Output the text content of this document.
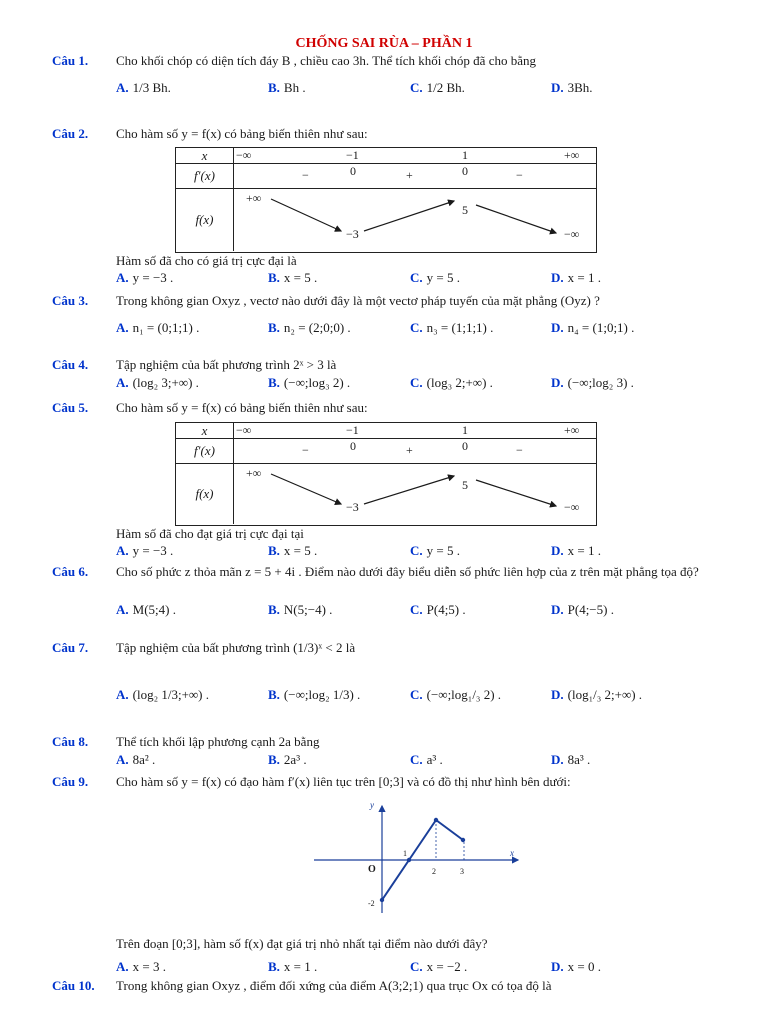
CHỐNG SAI RÙA – PHẦN 1
Câu 1. Cho khối chóp có diện tích đáy B , chiều cao 3h. Thể tích khối chóp đã cho bằng
A. 1/3 Bh.	B. Bh .	C. 1/2 Bh.	D. 3Bh.
Câu 2. Cho hàm số y = f(x) có bảng biến thiên như sau:
x	−∞	−1	1	+∞
f′(x)	−	0	+	0	−
f(x)
+∞
−3
5
−∞
Hàm số đã cho có giá trị cực đại là
A. y = −3 .	B. x = 5 .	C. y = 5 .	D. x = 1 .
Câu 3. Trong không gian Oxyz , vectơ nào dưới đây là một vectơ pháp tuyến của mặt phẳng (Oyz) ?
A. n₁ = (0;1;1) .	B. n₂ = (2;0;0) .	C. n₃ = (1;1;1) .	D. n₄ = (1;0;1) .
Câu 4. Tập nghiệm của bất phương trình 2ˣ > 3 là
A. (log₂ 3;+∞) .	B. (−∞;log₃ 2) .	C. (log₃ 2;+∞) .	D. (−∞;log₂ 3) .
Câu 5. Cho hàm số y = f(x) có bảng biến thiên như sau:
x	−∞	−1	1	+∞
f′(x)	−	0	+	0	−
f(x)
+∞
−3
5
−∞
Hàm số đã cho đạt giá trị cực đại tại
A. y = −3 .	B. x = 5 .	C. y = 5 .	D. x = 1 .
Câu 6. Cho số phức z thỏa mãn z = 5 + 4i . Điểm nào dưới đây biểu diễn số phức liên hợp của z trên mặt phẳng tọa độ?
A. M(5;4) .	B. N(5;−4) .	C. P(4;5) .	D. P(4;−5) .
Câu 7. Tập nghiệm của bất phương trình (1/3)ˣ < 2 là
A. (log₂ 1/3;+∞) .	B. (−∞;log₂ 1/3) .	C. (−∞;log₁/₃ 2) .	D. (log₁/₃ 2;+∞) .
Câu 8. Thể tích khối lập phương cạnh 2a bằng
A. 8a² .	B. 2a³ .	C. a³ .	D. 8a³ .
Câu 9. Cho hàm số y = f(x) có đạo hàm f′(x) liên tục trên [0;3] và có đồ thị như hình bên dưới:
x
y
O
1
2	3
-2
Trên đoạn [0;3], hàm số f(x) đạt giá trị nhỏ nhất tại điểm nào dưới đây?
A. x = 3 .	B. x = 1 .	C. x = −2 .	D. x = 0 .
Câu 10. Trong không gian Oxyz , điểm đối xứng của điểm A(3;2;1) qua trục Ox có tọa độ là
